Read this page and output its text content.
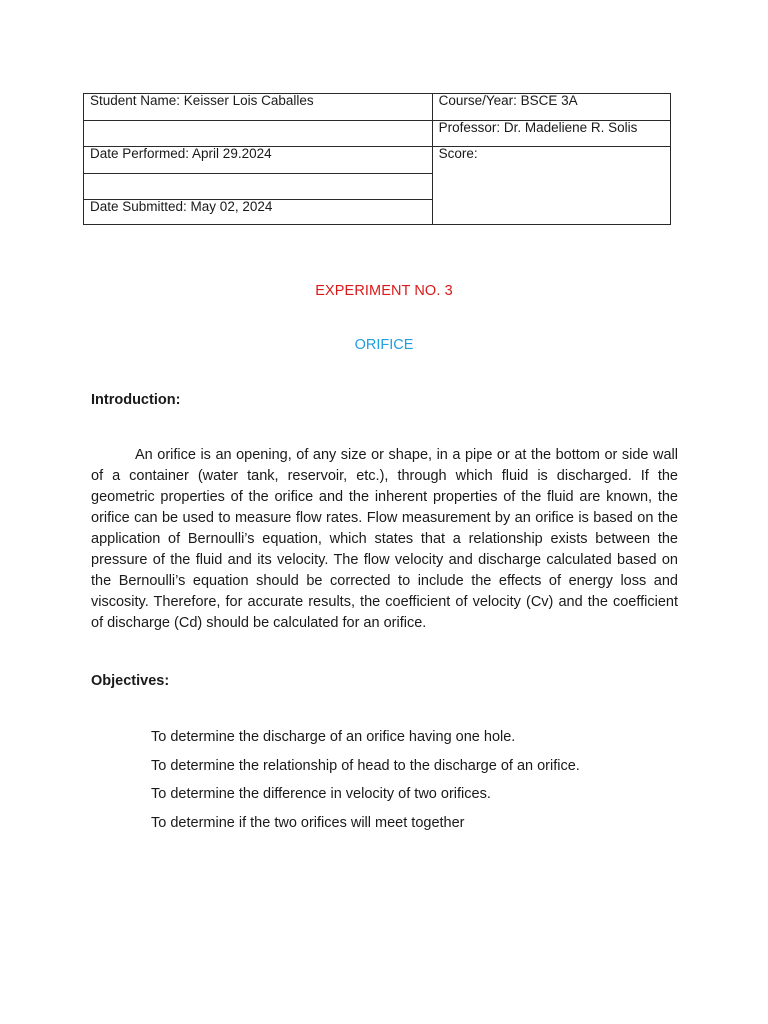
Student Name: Keisser Lois Caballes	Course/Year: BSCE 3A

	Professor: Dr. Madeliene R. Solis

Date Performed: April 29.2024	Score:

Date Submitted: May 02, 2024	
EXPERIMENT NO. 3
ORIFICE
Introduction:

An orifice is an opening, of any size or shape, in a pipe or at the bottom or side wall of a container (water tank, reservoir, etc.), through which fluid is discharged. If the geometric properties of the orifice and the inherent properties of the fluid are known, the orifice can be used to measure flow rates. Flow measurement by an orifice is based on the application of Bernoulli’s equation, which states that a relationship exists between the pressure of the fluid and its velocity. The flow velocity and discharge calculated based on the Bernoulli’s equation should be corrected to include the effects of energy loss and viscosity. Therefore, for accurate results, the coefficient of velocity (Cv) and the coefficient of discharge (Cd) should be calculated for an orifice.

Objectives:
To determine the discharge of an orifice having one hole.
To determine the relationship of head to the discharge of an orifice.
To determine the difference in velocity of two orifices.
To determine if the two orifices will meet together
